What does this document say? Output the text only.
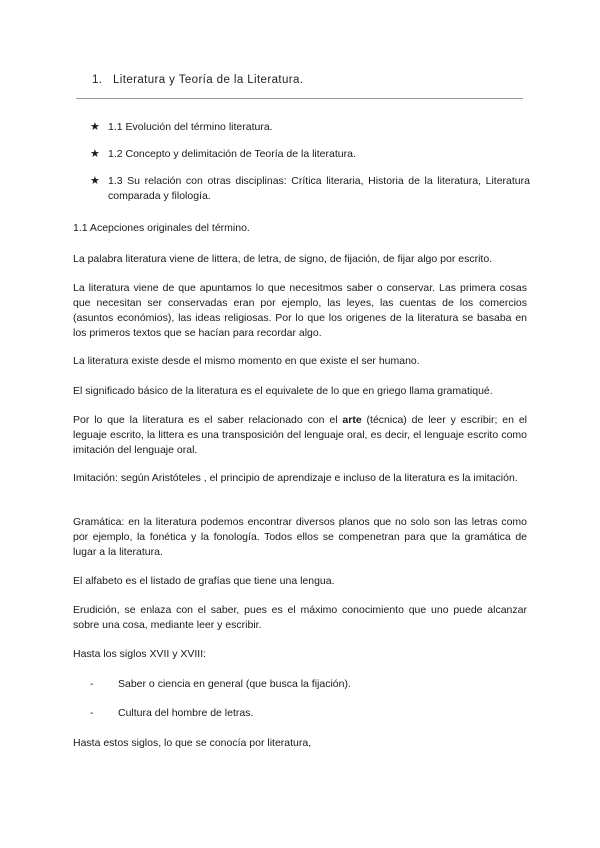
1. Literatura y Teoría de la Literatura.
★ 1.1 Evolución del término literatura.
★ 1.2 Concepto y delimitación de Teoría de la literatura.
★ 1.3 Su relación con otras disciplinas: Crítica literaria, Historia de la literatura, Literatura comparada y filología.

1.1 Acepciones originales del término.

La palabra literatura viene de littera, de letra, de signo, de fijación, de fijar algo por escrito.

La literatura viene de que apuntamos lo que necesitmos saber o conservar. Las primera cosas que necesitan ser conservadas eran por ejemplo, las leyes, las cuentas de los comercios (asuntos económios), las ideas religiosas. Por lo que los origenes de la literatura se basaba en los primeros textos que se hacían para recordar algo.

La literatura existe desde el mismo momento en que existe el ser humano.

El significado básico de la literatura es el equivalete de lo que en griego llama gramatiqué.

Por lo que la literatura es el saber relacionado con el arte (técnica) de leer y escribir; en el leguaje escrito, la littera es una transposición del lenguaje oral, es decir, el lenguaje escrito como imitación del lenguaje oral.

Imitación: según Aristóteles , el principio de aprendizaje e incluso de la literatura es la imitación.

Gramática: en la literatura podemos encontrar diversos planos que no solo son las letras como por ejemplo, la fonética y la fonología. Todos ellos se compenetran para que la gramática de lugar a la literatura.

El alfabeto es el listado de grafías que tiene una lengua.

Erudición, se enlaza con el saber, pues es el máximo conocimiento que uno puede alcanzar sobre una cosa, mediante leer y escribir.

Hasta los siglos XVII y XVIII:

- Saber o ciencia en general (que busca la fijación).
- Cultura del hombre de letras.

Hasta estos siglos, lo que se conocía por literatura,
